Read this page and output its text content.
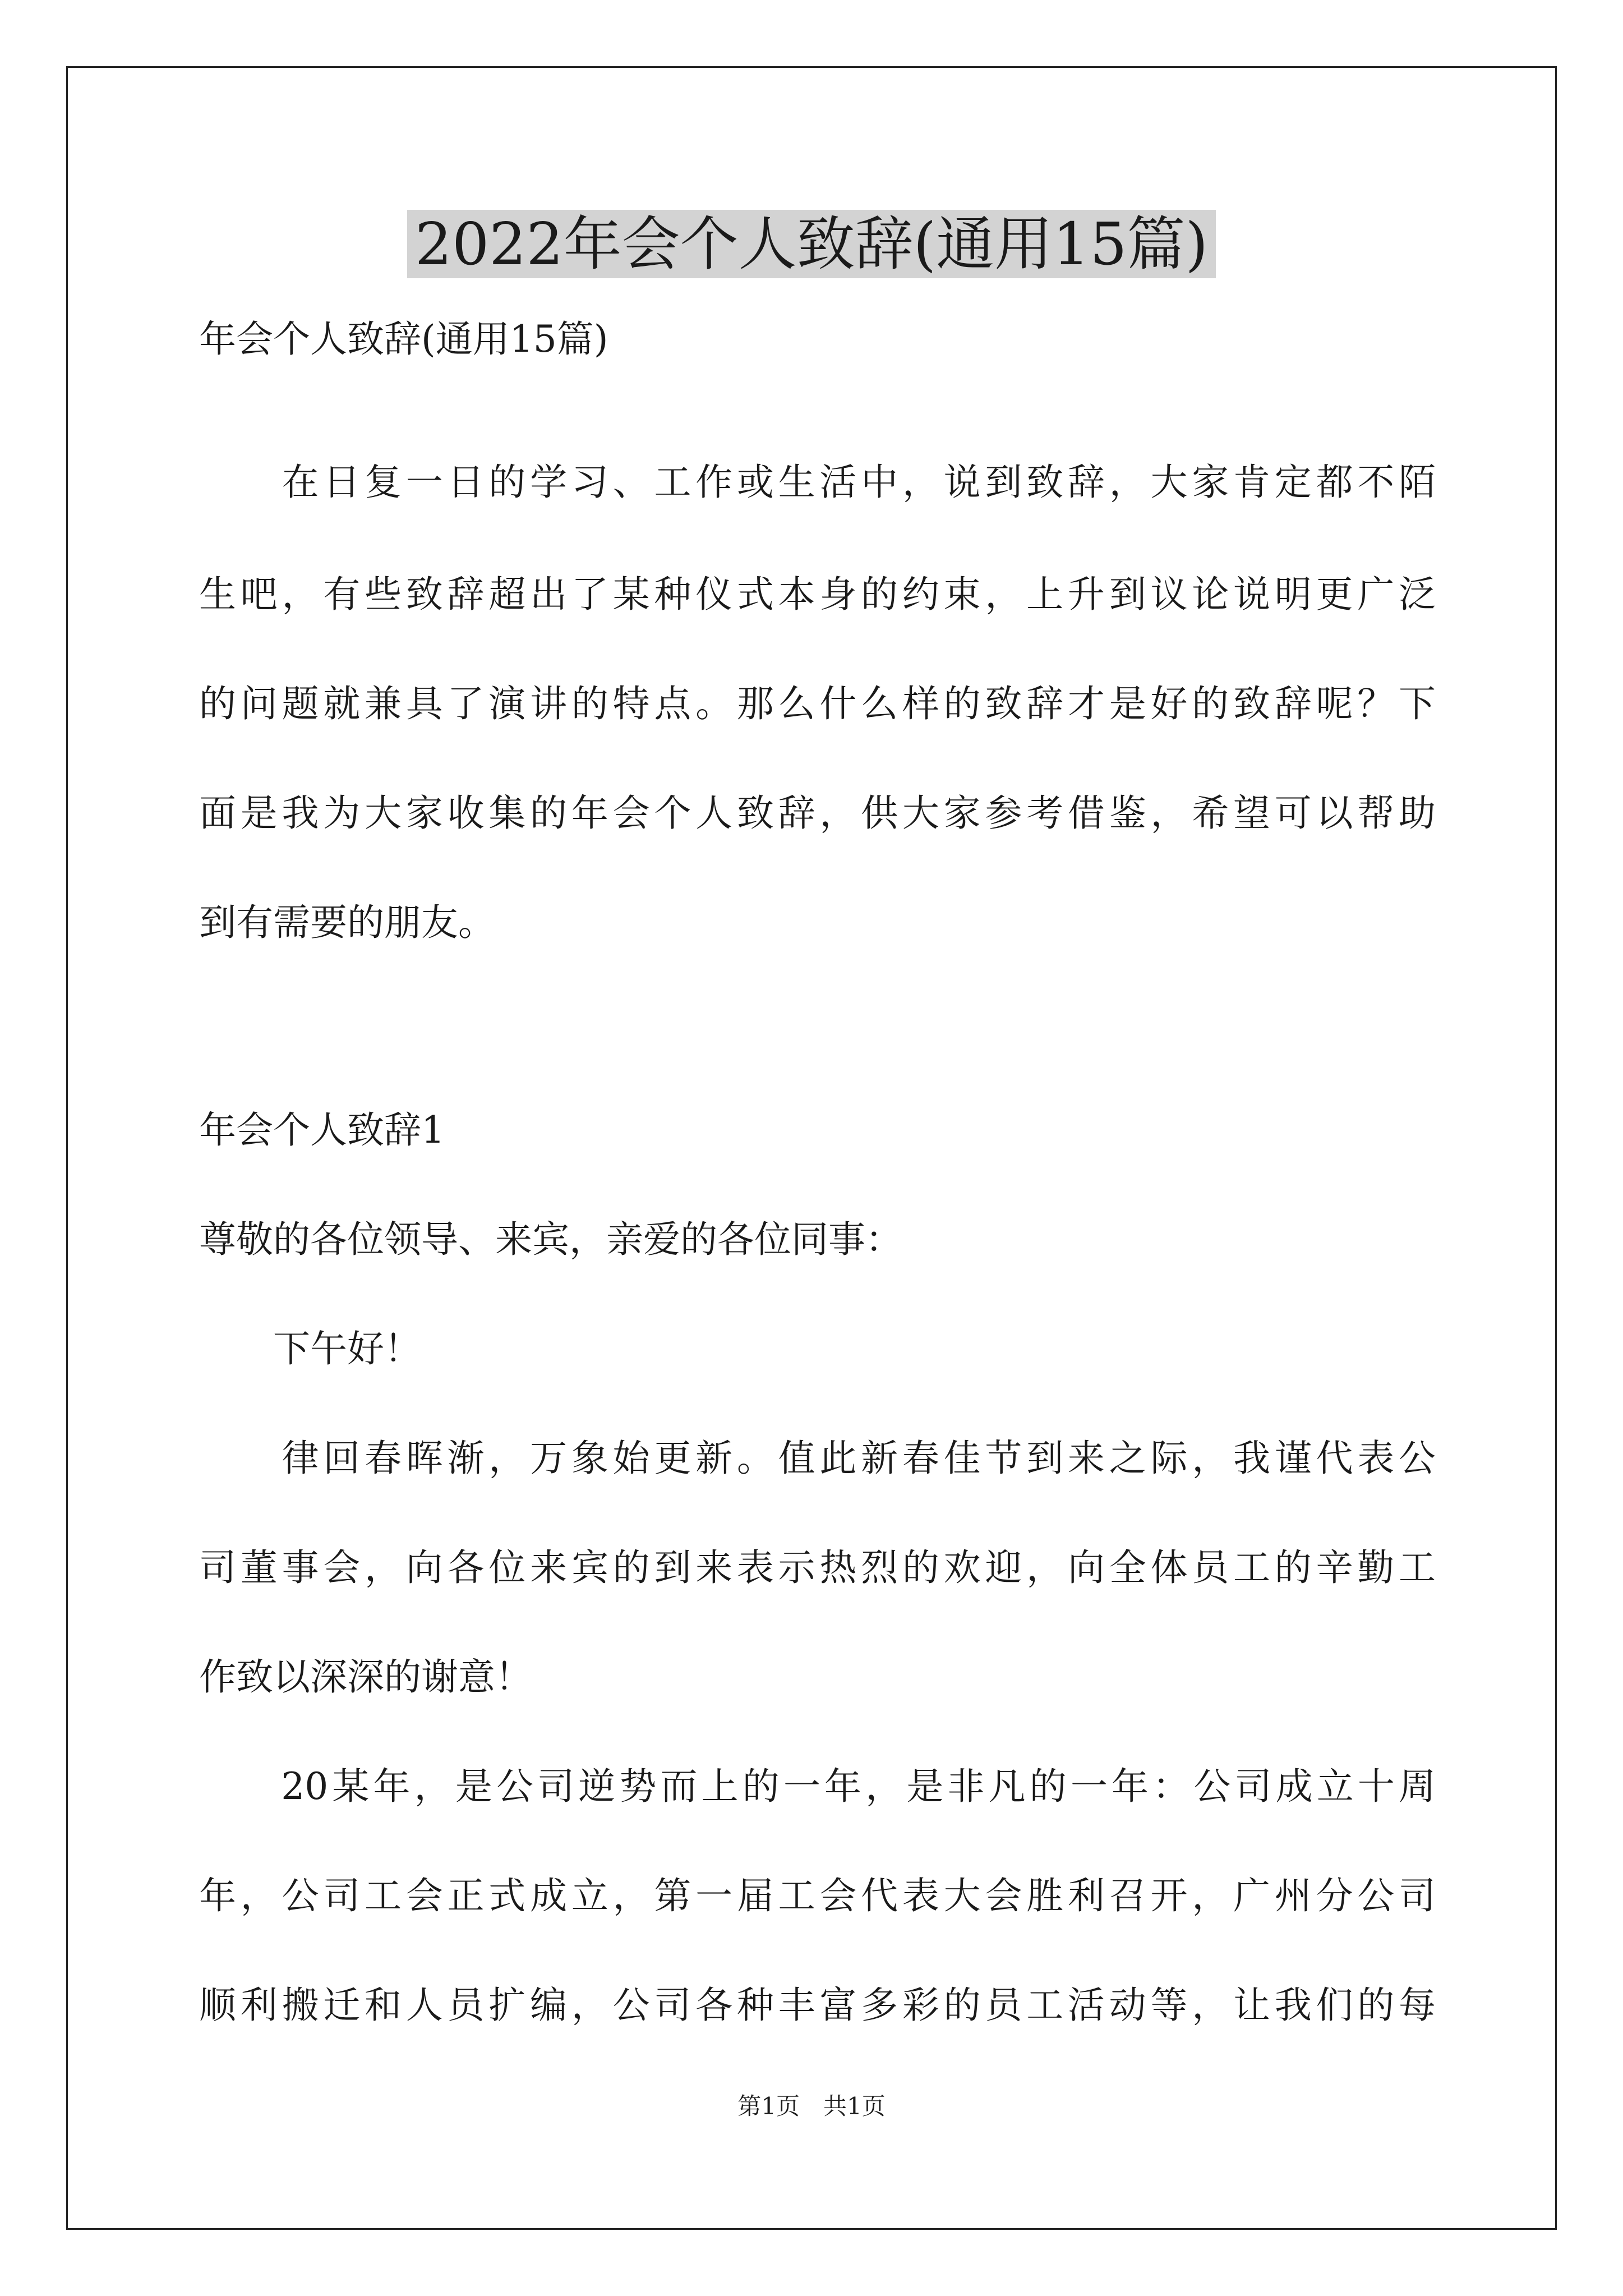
2022年会个人致辞(通用15篇)
年会个人致辞(通用15篇)
　　在日复一日的学习、工作或生活中，说到致辞，大家肯定都不陌
生吧，有些致辞超出了某种仪式本身的约束，上升到议论说明更广泛
的问题就兼具了演讲的特点。那么什么样的致辞才是好的致辞呢？下
面是我为大家收集的年会个人致辞，供大家参考借鉴，希望可以帮助
到有需要的朋友。
年会个人致辞1
尊敬的各位领导、来宾，亲爱的各位同事：
　　下午好！
　　律回春晖渐，万象始更新。值此新春佳节到来之际，我谨代表公
司董事会，向各位来宾的到来表示热烈的欢迎，向全体员工的辛勤工
作致以深深的谢意！
　　20某年，是公司逆势而上的一年，是非凡的一年：公司成立十周
年，公司工会正式成立，第一届工会代表大会胜利召开，广州分公司
顺利搬迁和人员扩编，公司各种丰富多彩的员工活动等，让我们的每
第1页　共1页
